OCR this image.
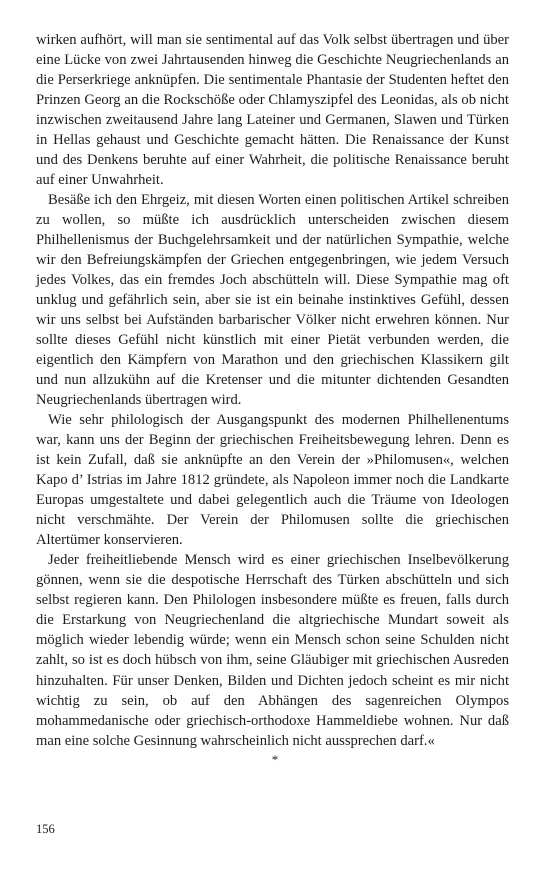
wirken aufhört, will man sie sentimental auf das Volk selbst übertragen und über eine Lücke von zwei Jahrtausenden hinweg die Geschichte Neugriechenlands an die Perserkriege anknüpfen. Die sentimentale Phantasie der Studenten heftet den Prinzen Georg an die Rockschöße oder Chlamyszipfel des Leonidas, als ob nicht inzwischen zweitausend Jahre lang Lateiner und Germanen, Slawen und Türken in Hellas gehaust und Geschichte gemacht hätten. Die Renaissance der Kunst und des Denkens beruhte auf einer Wahrheit, die politische Renaissance beruht auf einer Unwahrheit.

Besäße ich den Ehrgeiz, mit diesen Worten einen politischen Artikel schreiben zu wollen, so müßte ich ausdrücklich unterscheiden zwischen diesem Philhellenismus der Buchgelehrsamkeit und der natürlichen Sympathie, welche wir den Befreiungskämpfen der Griechen entgegenbringen, wie jedem Versuch jedes Volkes, das ein fremdes Joch abschütteln will. Diese Sympathie mag oft unklug und gefährlich sein, aber sie ist ein beinahe instinktives Gefühl, dessen wir uns selbst bei Aufständen barbarischer Völker nicht erwehren können. Nur sollte dieses Gefühl nicht künstlich mit einer Pietät verbunden werden, die eigentlich den Kämpfern von Marathon und den griechischen Klassikern gilt und nun allzukühn auf die Kretenser und die mitunter dichtenden Gesandten Neugriechenlands übertragen wird.

Wie sehr philologisch der Ausgangspunkt des modernen Philhellenentums war, kann uns der Beginn der griechischen Freiheitsbewegung lehren. Denn es ist kein Zufall, daß sie anknüpfte an den Verein der »Philomusen«, welchen Kapo d’ Istrias im Jahre 1812 gründete, als Napoleon immer noch die Landkarte Europas umgestaltete und dabei gelegentlich auch die Träume von Ideologen nicht verschmähte. Der Verein der Philomusen sollte die griechischen Altertümer konservieren.

Jeder freiheitliebende Mensch wird es einer griechischen Inselbevölkerung gönnen, wenn sie die despotische Herrschaft des Türken abschütteln und sich selbst regieren kann. Den Philologen insbesondere müßte es freuen, falls durch die Erstarkung von Neugriechenland die altgriechische Mundart soweit als möglich wieder lebendig würde; wenn ein Mensch schon seine Schulden nicht zahlt, so ist es doch hübsch von ihm, seine Gläubiger mit griechischen Ausreden hinzuhalten. Für unser Denken, Bilden und Dichten jedoch scheint es mir nicht wichtig zu sein, ob auf den Abhängen des sagenreichen Olympos mohammedanische oder griechisch-orthodoxe Hammeldiebe wohnen. Nur daß man eine solche Gesinnung wahrscheinlich nicht aussprechen darf.«

*
156
